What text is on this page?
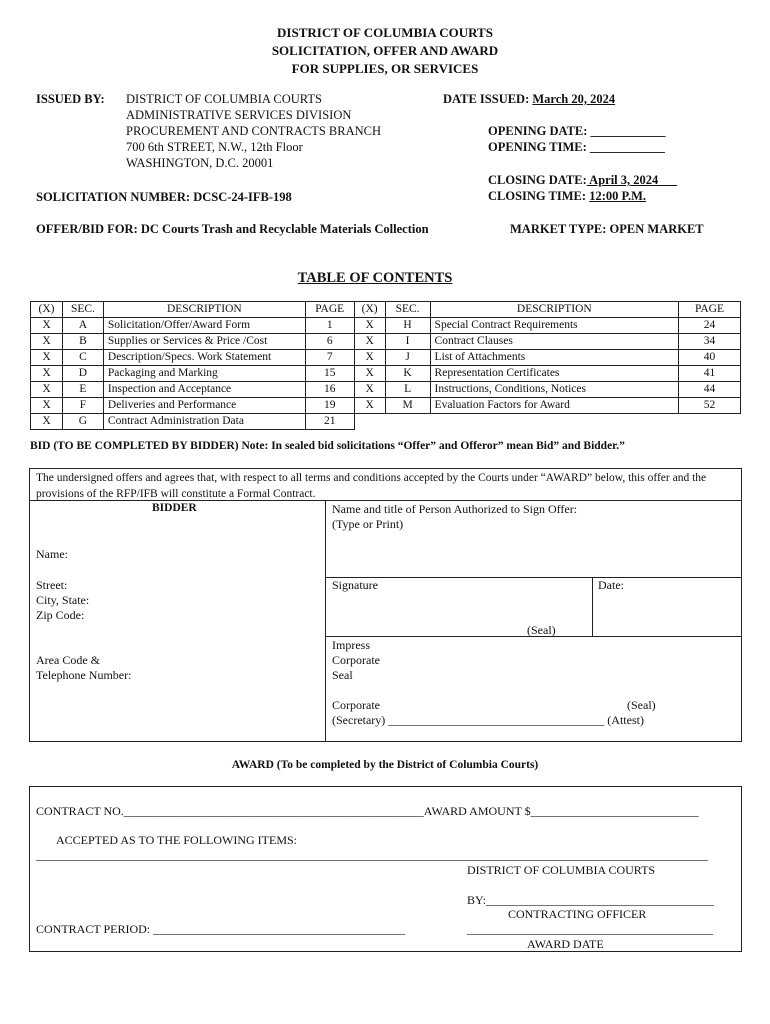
DISTRICT OF COLUMBIA COURTS
SOLICITATION, OFFER AND AWARD
FOR SUPPLIES, OR SERVICES
ISSUED BY: DISTRICT OF COLUMBIA COURTS
ADMINISTRATIVE SERVICES DIVISION
PROCUREMENT AND CONTRACTS BRANCH
700 6th STREET, N.W., 12th Floor
WASHINGTON, D.C. 20001
DATE ISSUED: March 20, 2024
OPENING DATE: ____________
OPENING TIME: ____________
CLOSING DATE: April 3, 2024___
CLOSING TIME: 12:00 P.M.
SOLICITATION NUMBER: DCSC-24-IFB-198
OFFER/BID FOR: DC Courts Trash and Recyclable Materials Collection	MARKET TYPE: OPEN MARKET
TABLE OF CONTENTS
(X)	SEC.	DESCRIPTION	PAGE	(X)	SEC.	DESCRIPTION	PAGE
X	A	Solicitation/Offer/Award Form	1	X	H	Special Contract Requirements	24
X	B	Supplies or Services & Price /Cost	6	X	I	Contract Clauses	34
X	C	Description/Specs. Work Statement	7	X	J	List of Attachments	40
X	D	Packaging and Marking	15	X	K	Representation Certificates	41
X	E	Inspection and Acceptance	16	X	L	Instructions, Conditions, Notices	44
X	F	Deliveries and Performance	19	X	M	Evaluation Factors for Award	52
X	G	Contract Administration Data	21				
BID (TO BE COMPLETED BY BIDDER) Note: In sealed bid solicitations “Offer” and Offeror” mean Bid” and Bidder.”
The undersigned offers and agrees that, with respect to all terms and conditions accepted by the Courts under “AWARD” below, this offer and the provisions of the RFP/IFB will constitute a Formal Contract.
BIDDER	Name and title of Person Authorized to Sign Offer:
(Type or Print)
Name:
Street:
City, State:
Zip Code:
Signature	Date:
(Seal)
Area Code &
Telephone Number:
Impress
Corporate
Seal
Corporate	(Seal)
(Secretary) ____________________________________ (Attest)
AWARD (To be completed by the District of Columbia Courts)
CONTRACT NO.__________________________________________________AWARD AMOUNT $____________________________
ACCEPTED AS TO THE FOLLOWING ITEMS:
________________________________________________________________________________________________________________
DISTRICT OF COLUMBIA COURTS
BY:______________________________________
CONTRACTING OFFICER
CONTRACT PERIOD: __________________________________________	_________________________________________
AWARD DATE
